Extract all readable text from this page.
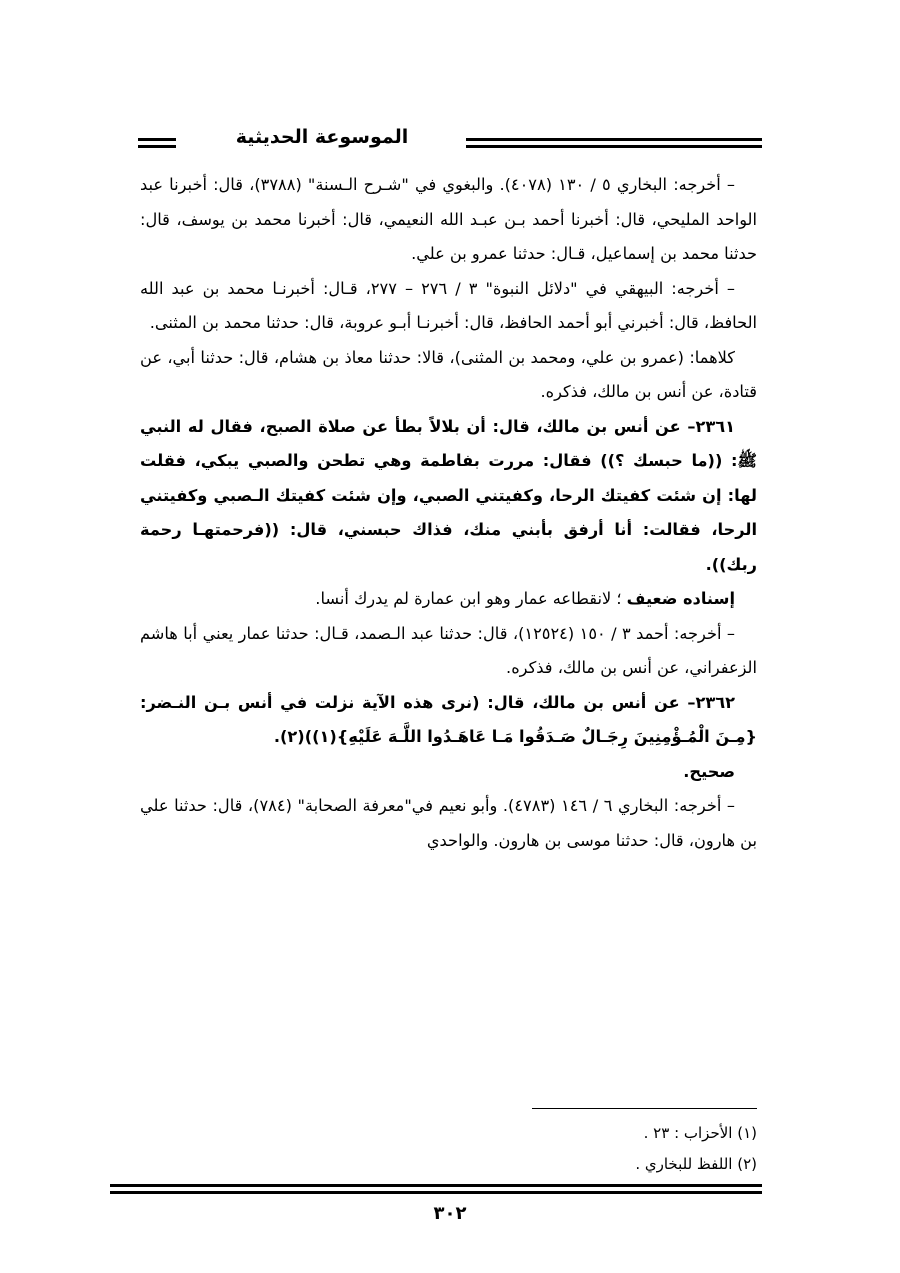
الموسوعة الحديثية

– أخرجه: البخاري ٥ / ١٣٠ (٤٠٧٨). والبغوي في "شـرح الـسنة" (٣٧٨٨)، قال: أخبرنا عبد الواحد المليحي، قال: أخبرنا أحمد بـن عبـد الله النعيمي، قال: أخبرنا محمد بن يوسف، قال: حدثنا محمد بن إسماعيل، قـال: حدثنا عمرو بن علي.

– أخرجه: البيهقي في "دلائل النبوة" ٣ / ٢٧٦ – ٢٧٧، قـال: أخبرنـا محمد بن عبد الله الحافظ، قال: أخبرني أبو أحمد الحافظ، قال: أخبرنـا أبـو عروبة، قال: حدثنا محمد بن المثنى.

كلاهما: (عمرو بن علي، ومحمد بن المثنى)، قالا: حدثنا معاذ بن هشام، قال: حدثنا أبي، عن قتادة، عن أنس بن مالك، فذكره.

٢٣٦١– عن أنس بن مالك، قال: أن بلالاً بطأ عن صلاة الصبح، فقال له النبي ﷺ: ((ما حبسك ؟)) فقال: مررت بفاطمة وهي تطحن والصبي يبكي، فقلت لها: إن شئت كفيتك الرحا، وكفيتني الصبي، وإن شئت كفيتك الـصبي وكفيتني الرحا، فقالت: أنا أرفق بأبني منك، فذاك حبسني، قال: ((فرحمتهـا رحمة ربك)).

إسناده ضعيف ؛ لانقطاعه عمار وهو ابن عمارة لم يدرك أنسا.

– أخرجه: أحمد ٣ / ١٥٠ (١٢٥٢٤)، قال: حدثنا عبد الـصمد، قـال: حدثنا عمار يعني أبا هاشم الزعفراني، عن أنس بن مالك، فذكره.

٢٣٦٢– عن أنس بن مالك، قال: (نرى هذه الآية نزلت في أنس بـن النـضر:{مِـنَ الْمُـؤْمِنِينَ رِجَـالٌ صَـدَقُوا مَـا عَاهَـدُوا اللَّـهَ عَلَيْهِ}(١))(٢).

صحيح.

– أخرجه: البخاري ٦ / ١٤٦ (٤٧٨٣). وأبو نعيم في"معرفة الصحابة" (٧٨٤)، قال: حدثنا علي بن هارون، قال: حدثنا موسى بن هارون. والواحدي

(١) الأحزاب : ٢٣ .

(٢) اللفظ للبخاري .

٣٠٢
